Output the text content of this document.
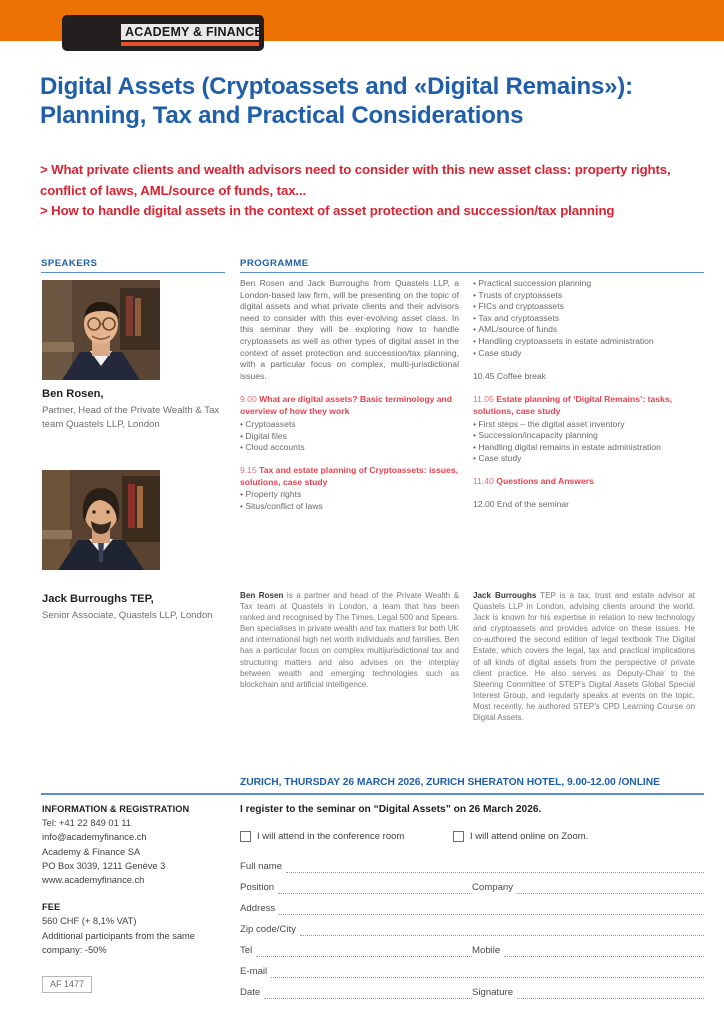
ACADEMY & FINANCE
Digital Assets (Cryptoassets and «Digital Remains»): Planning, Tax and Practical Considerations
> What private clients and wealth advisors need to consider with this new asset class: property rights, conflict of laws, AML/source of funds, tax...
> How to handle digital assets in the context of asset protection and succession/tax planning
SPEAKERS	PROGRAMME
Ben Rosen,
Partner, Head of the Private Wealth & Tax team Quastels LLP, London
Jack Burroughs TEP,
Senior Associate, Quastels LLP, London

Ben Rosen and Jack Burroughs from Quastels LLP, a London-based law firm, will be presenting on the topic of digital assets and what private clients and their advisors need to consider with this ever-evolving asset class. In this seminar they will be exploring how to handle cryptoassets as well as other types of digital asset in the context of asset protection and succession/tax planning, with a particular focus on complex, multi-jurisdictional issues.

9.00 What are digital assets? Basic terminology and overview of how they work
• Cryptoassets
• Digital files
• Cloud accounts
9.15 Tax and estate planning of Cryptoassets: issues, solutions, case study
• Property rights
• Situs/conflict of laws
• Practical succession planning
• Trusts of cryptoassets
• FICs and cryptoassets
• Tax and cryptoassets
• AML/source of funds
• Handling cryptoassets in estate administration
• Case study

10.45 Coffee break

11.05 Estate planning of ‘Digital Remains’: tasks, solutions, case study
• First steps – the digital asset inventory
• Succession/incapacity planning
• Handling digital remains in estate administration
• Case study
11.40 Questions and Answers

12.00 End of the seminar

Ben Rosen is a partner and head of the Private Wealth & Tax team at Quastels in London, a team that has been ranked and recognised by The Times, Legal 500 and Spears. Ben specialises in private wealth and tax matters for both UK and international high net worth individuals and families. Ben has a particular focus on complex multijurisdictional tax and structuring matters and also advises on the interplay between wealth and emerging technologies such as blockchain and artificial intelligence.
Jack Burroughs TEP is a tax, trust and estate advisor at Quastels LLP in London, advising clients around the world. Jack is known for his expertise in relation to new technology and cryptoassets and provides advice on these issues. He co-authored the second edition of legal textbook The Digital Estate, which covers the legal, tax and practical implications of all kinds of digital assets from the perspective of private client practice. He also serves as Deputy-Chair to the Steering Committee of STEP’s Digital Assets Global Special Interest Group, and regularly speaks at events on the topic. Most recently, he authored STEP’s CPD Learning Course on Digital Assets.
ZURICH, THURSDAY 26 MARCH 2026, ZURICH SHERATON HOTEL, 9.00-12.00 /ONLINE
INFORMATION & REGISTRATION
Tel: +41 22 849 01 11
info@academyfinance.ch
Academy & Finance SA
PO Box 3039, 1211 Genève 3
www.academyfinance.ch
FEE
560 CHF (+ 8,1% VAT)
Additional participants from the same company: -50%
AF 1477
I register to the seminar on “Digital Assets” on 26 March 2026.
I will attend in the conference room	I will attend online on Zoom.
Full name
Position	Company
Address
Zip code/City
Tel	Mobile
E-mail
Date	Signature
